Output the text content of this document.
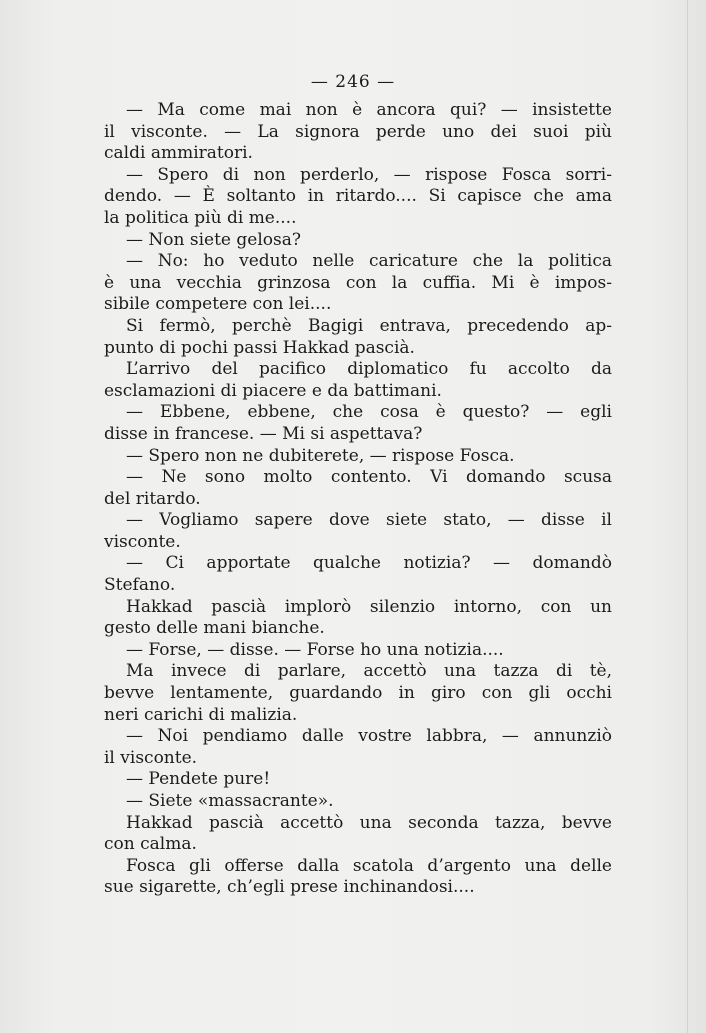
— 246 —
— Ma come mai non è ancora qui? — insistette
il visconte. — La signora perde uno dei suoi più
caldi ammiratori.
— Spero di non perderlo, — rispose Fosca sorri-
dendo. — È soltanto in ritardo.... Si capisce che ama
la politica più di me....
— Non siete gelosa?
— No: ho veduto nelle caricature che la politica
è una vecchia grinzosa con la cuffia. Mi è impos-
sibile competere con lei....
Si fermò, perchè Bagigi entrava, precedendo ap-
punto di pochi passi Hakkad pascià.
L’arrivo del pacifico diplomatico fu accolto da
esclamazioni di piacere e da battimani.
— Ebbene, ebbene, che cosa è questo? — egli
disse in francese. — Mi si aspettava?
— Spero non ne dubiterete, — rispose Fosca.
— Ne sono molto contento. Vi domando scusa
del ritardo.
— Vogliamo sapere dove siete stato, — disse il
visconte.
— Ci apportate qualche notizia? — domandò
Stefano.
Hakkad pascià implorò silenzio intorno, con un
gesto delle mani bianche.
— Forse, — disse. — Forse ho una notizia....
Ma invece di parlare, accettò una tazza di tè,
bevve lentamente, guardando in giro con gli occhi
neri carichi di malizia.
— Noi pendiamo dalle vostre labbra, — annunziò
il visconte.
— Pendete pure!
— Siete «massacrante».
Hakkad pascià accettò una seconda tazza, bevve
con calma.
Fosca gli offerse dalla scatola d’argento una delle
sue sigarette, ch’egli prese inchinandosi....
